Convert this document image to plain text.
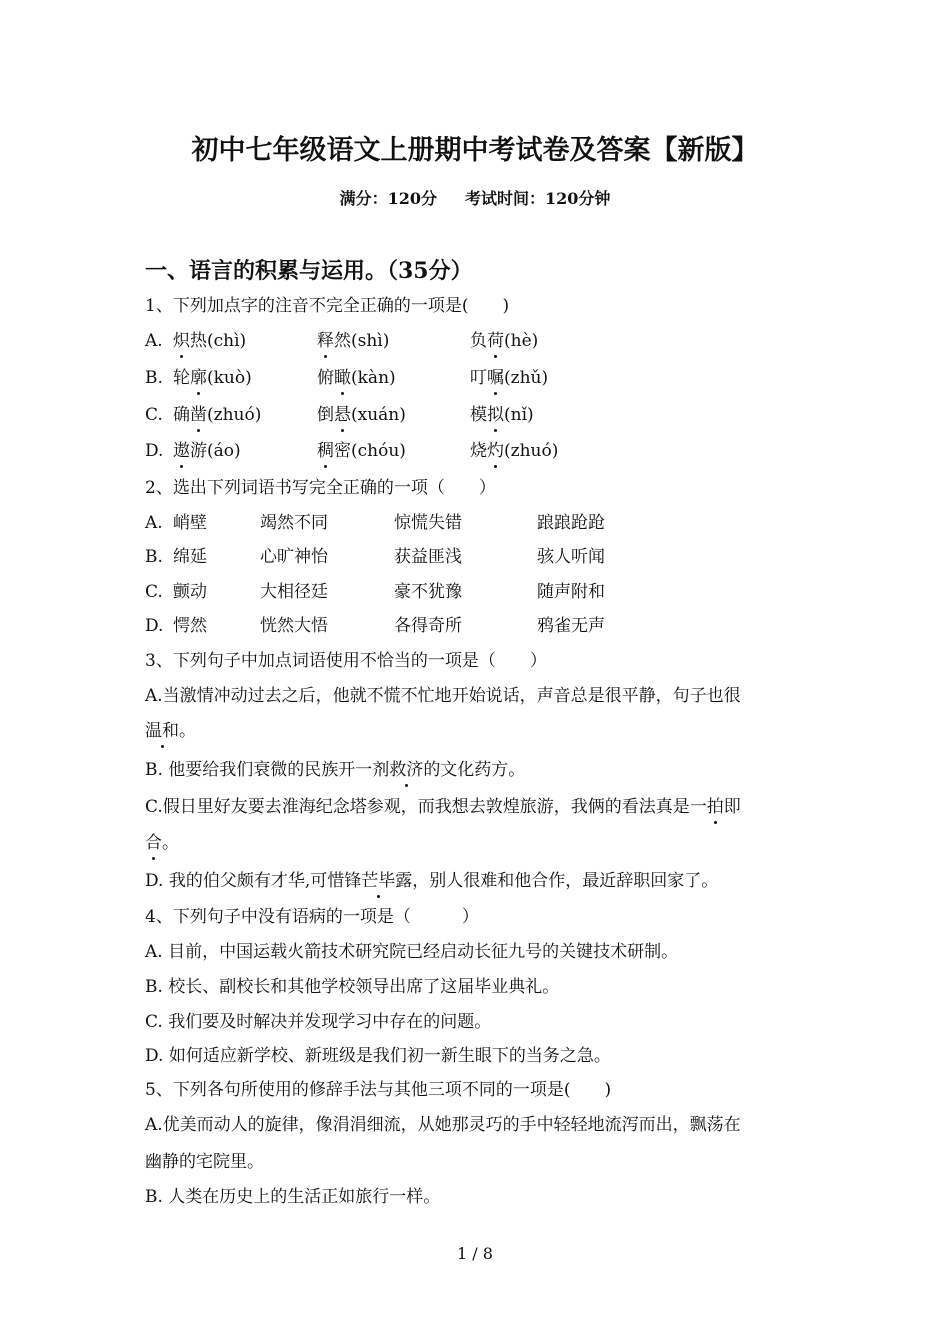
初中七年级语文上册期中考试卷及答案【新版】
满分：120分 考试时间：120分钟
一、语言的积累与运用。（35分）
1、下列加点字的注音不完全正确的一项是(　　)
A. 炽热(chì)	释然(shì)	负荷(hè)
B. 轮廓(kuò)	俯瞰(kàn)	叮嘱(zhǔ)
C. 确凿(zhuó)	倒悬(xuán)	模拟(nǐ)
D. 遨游(áo)	稠密(chóu)	烧灼(zhuó)
2、选出下列词语书写完全正确的一项（　　）
A. 峭壁	竭然不同	惊慌失错	踉踉跄跄
B. 绵延	心旷神怡	获益匪浅	骇人听闻
C. 颤动	大相径廷	豪不犹豫	随声附和
D. 愕然	恍然大悟	各得奇所	鸦雀无声
3、下列句子中加点词语使用不恰当的一项是（　　）
A.当激情冲动过去之后，他就不慌不忙地开始说话，声音总是很平静，句子也很
温和。
B. 他要给我们衰微的民族开一剂救济的文化药方。
C.假日里好友要去淮海纪念塔参观，而我想去敦煌旅游，我俩的看法真是一拍即
合。
D. 我的伯父颇有才华,可惜锋芒毕露，别人很难和他合作，最近辞职回家了。
4、下列句子中没有语病的一项是（　　　）
A. 目前，中国运载火箭技术研究院已经启动长征九号的关键技术研制。
B. 校长、副校长和其他学校领导出席了这届毕业典礼。
C. 我们要及时解决并发现学习中存在的问题。
D. 如何适应新学校、新班级是我们初一新生眼下的当务之急。
5、下列各句所使用的修辞手法与其他三项不同的一项是(　　)
A.优美而动人的旋律，像涓涓细流，从她那灵巧的手中轻轻地流泻而出，飘荡在
幽静的宅院里。
B. 人类在历史上的生活正如旅行一样。
1 / 8
